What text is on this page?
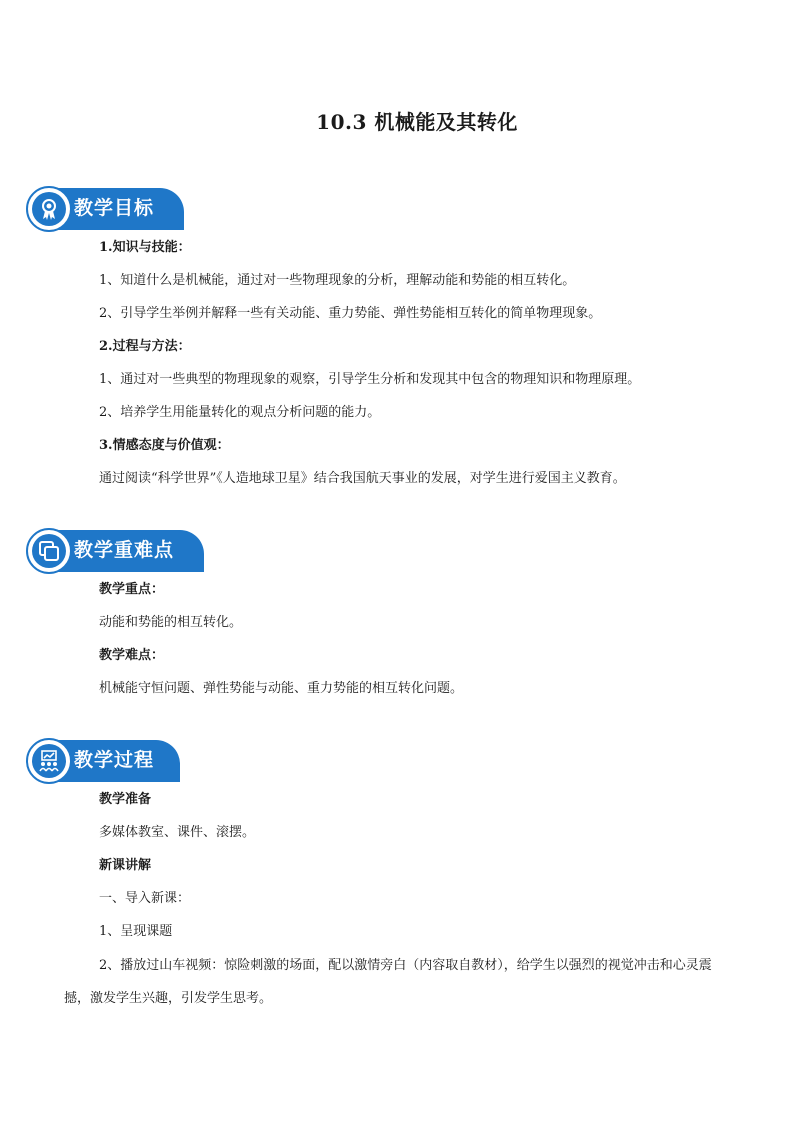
10.3 机械能及其转化
教学目标
1.知识与技能：
1、知道什么是机械能，通过对一些物理现象的分析，理解动能和势能的相互转化。
2、引导学生举例并解释一些有关动能、重力势能、弹性势能相互转化的简单物理现象。
2.过程与方法：
1、通过对一些典型的物理现象的观察，引导学生分析和发现其中包含的物理知识和物理原理。
2、培养学生用能量转化的观点分析问题的能力。
3.情感态度与价值观：
通过阅读“科学世界”《人造地球卫星》结合我国航天事业的发展，对学生进行爱国主义教育。
教学重难点
教学重点：
动能和势能的相互转化。
教学难点：
机械能守恒问题、弹性势能与动能、重力势能的相互转化问题。
教学过程
教学准备
多媒体教室、课件、滚摆。
新课讲解
一、导入新课：
1、呈现课题
2、播放过山车视频：惊险刺激的场面，配以激情旁白（内容取自教材），给学生以强烈的视觉冲击和心灵震撼，激发学生兴趣，引发学生思考。
